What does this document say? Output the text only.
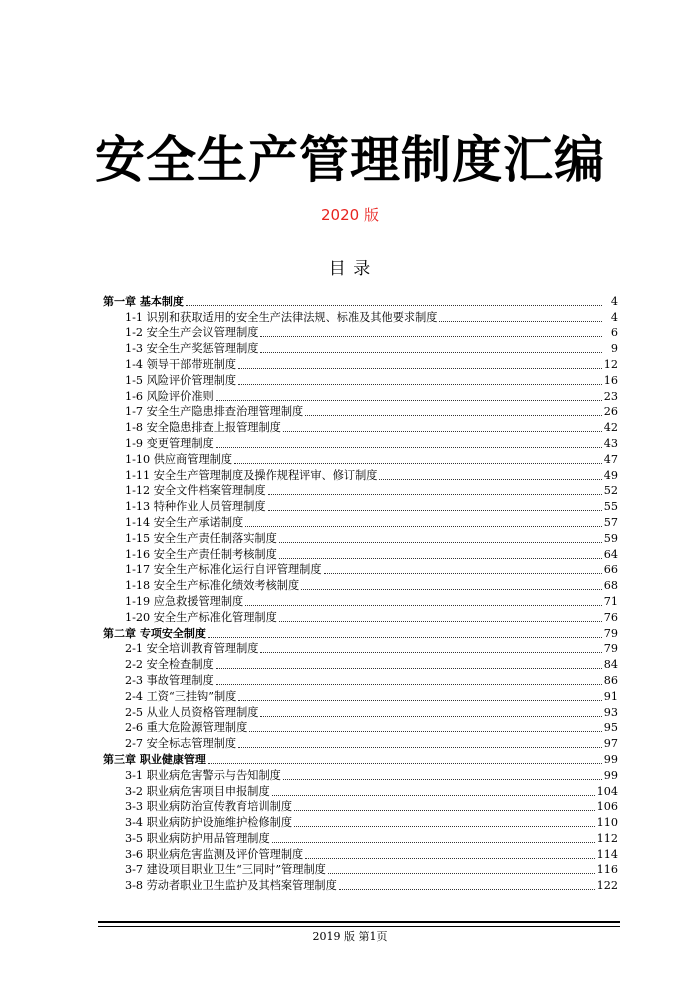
安全生产管理制度汇编
2020 版
目 录
第一章 基本制度	4
1-1 识别和获取适用的安全生产法律法规、标准及其他要求制度	4
1-2 安全生产会议管理制度	6
1-3 安全生产奖惩管理制度	9
1-4 领导干部带班制度	12
1-5 风险评价管理制度	16
1-6 风险评价准则	23
1-7 安全生产隐患排查治理管理制度	26
1-8 安全隐患排查上报管理制度	42
1-9 变更管理制度	43
1-10 供应商管理制度	47
1-11 安全生产管理制度及操作规程评审、修订制度	49
1-12 安全文件档案管理制度	52
1-13 特种作业人员管理制度	55
1-14 安全生产承诺制度	57
1-15 安全生产责任制落实制度	59
1-16 安全生产责任制考核制度	64
1-17 安全生产标准化运行自评管理制度	66
1-18 安全生产标准化绩效考核制度	68
1-19 应急救援管理制度	71
1-20 安全生产标准化管理制度	76
第二章 专项安全制度	79
2-1 安全培训教育管理制度	79
2-2 安全检查制度	84
2-3 事故管理制度	86
2-4 工资“三挂钩”制度	91
2-5 从业人员资格管理制度	93
2-6 重大危险源管理制度	95
2-7 安全标志管理制度	97
第三章 职业健康管理	99
3-1 职业病危害警示与告知制度	99
3-2 职业病危害项目申报制度	104
3-3 职业病防治宣传教育培训制度	106
3-4 职业病防护设施维护检修制度	110
3-5 职业病防护用品管理制度	112
3-6 职业病危害监测及评价管理制度	114
3-7 建设项目职业卫生“三同时”管理制度	116
3-8 劳动者职业卫生监护及其档案管理制度	122
2019 版 第1页
